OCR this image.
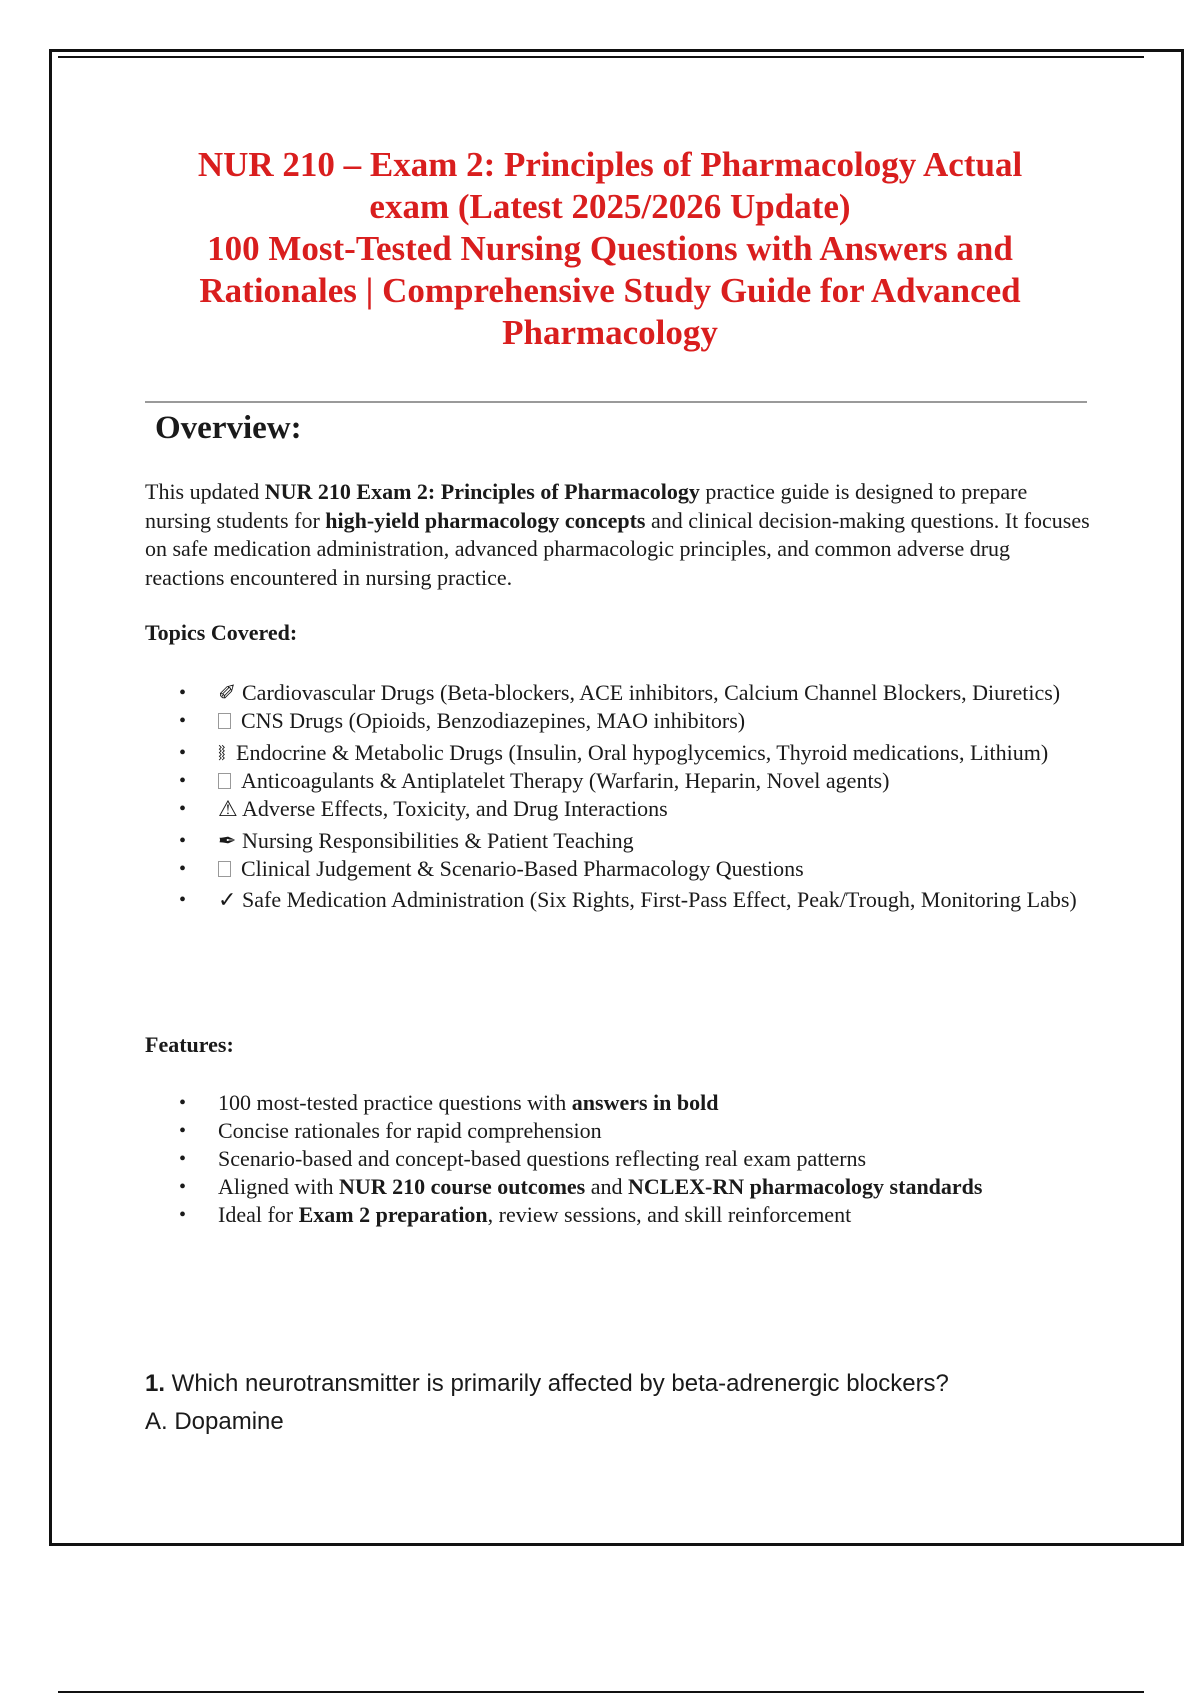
NUR 210 – Exam 2: Principles of Pharmacology Actual
exam (Latest 2025/2026 Update)
100 Most-Tested Nursing Questions with Answers and
Rationales | Comprehensive Study Guide for Advanced
Pharmacology
Overview:
This updated NUR 210 Exam 2: Principles of Pharmacology practice guide is designed to prepare nursing students for high-yield pharmacology concepts and clinical decision-making questions. It focuses on safe medication administration, advanced pharmacologic principles, and common adverse drug reactions encountered in nursing practice.
Topics Covered:
• ✐ Cardiovascular Drugs (Beta-blockers, ACE inhibitors, Calcium Channel Blockers, Diuretics)
• CNS Drugs (Opioids, Benzodiazepines, MAO inhibitors)
• ⧚ Endocrine & Metabolic Drugs (Insulin, Oral hypoglycemics, Thyroid medications, Lithium)
• Anticoagulants & Antiplatelet Therapy (Warfarin, Heparin, Novel agents)
• ⚠ Adverse Effects, Toxicity, and Drug Interactions
• ✒ Nursing Responsibilities & Patient Teaching
• Clinical Judgement & Scenario-Based Pharmacology Questions
• ✓ Safe Medication Administration (Six Rights, First-Pass Effect, Peak/Trough, Monitoring Labs)
Features:
• 100 most-tested practice questions with answers in bold
• Concise rationales for rapid comprehension
• Scenario-based and concept-based questions reflecting real exam patterns
• Aligned with NUR 210 course outcomes and NCLEX-RN pharmacology standards
• Ideal for Exam 2 preparation, review sessions, and skill reinforcement
1. Which neurotransmitter is primarily affected by beta-adrenergic blockers?
A. Dopamine
